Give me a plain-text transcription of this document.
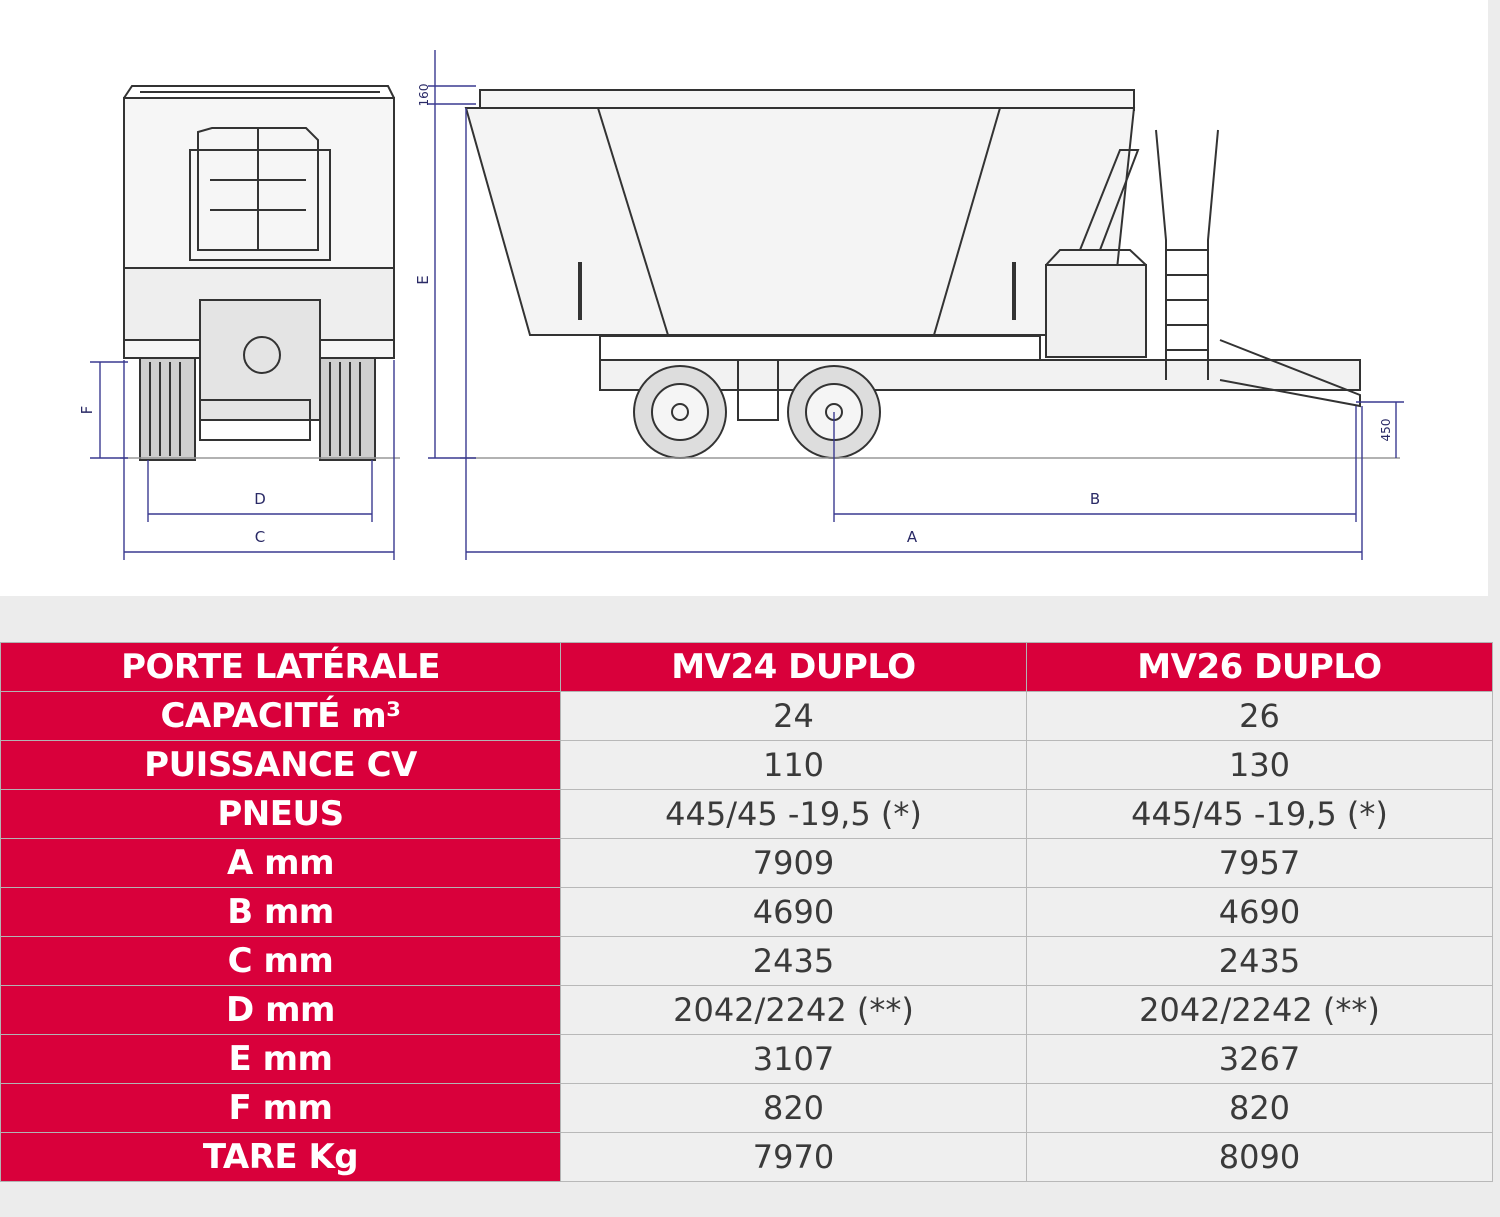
F
D
C
E
160
B
A
450
PORTE LATÉRALE	MV24 DUPLO	MV26 DUPLO
CAPACITÉ m³	24	26
PUISSANCE CV	110	130
PNEUS	445/45 -19,5 (*)	445/45 -19,5 (*)
A mm	7909	7957
B mm	4690	4690
C mm	2435	2435
D mm	2042/2242 (**)	2042/2242 (**)
E mm	3107	3267
F mm	820	820
TARE Kg	7970	8090
